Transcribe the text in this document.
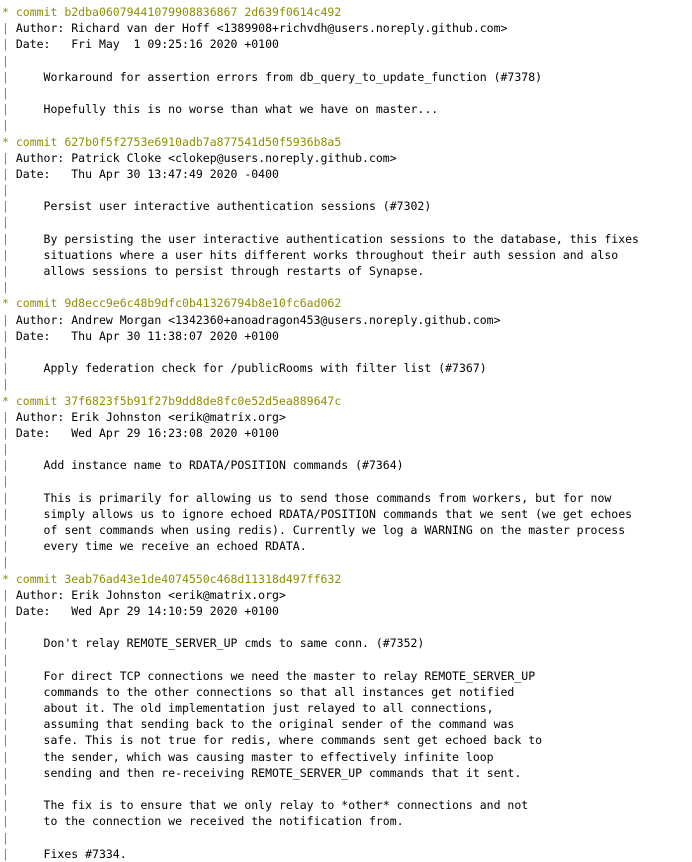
* commit b2dba06079441079908836867 2d639f0614c492
| Author: Richard van der Hoff <1389908+richvdh@users.noreply.github.com>
| Date:   Fri May  1 09:25:16 2020 +0100
|
|     Workaround for assertion errors from db_query_to_update_function (#7378)
|
|     Hopefully this is no worse than what we have on master...
|
* commit 627b0f5f2753e6910adb7a877541d50f5936b8a5
| Author: Patrick Cloke <clokep@users.noreply.github.com>
| Date:   Thu Apr 30 13:47:49 2020 -0400
|
|     Persist user interactive authentication sessions (#7302)
|
|     By persisting the user interactive authentication sessions to the database, this fixes
|     situations where a user hits different works throughout their auth session and also
|     allows sessions to persist through restarts of Synapse.
|
* commit 9d8ecc9e6c48b9dfc0b41326794b8e10fc6ad062
| Author: Andrew Morgan <1342360+anoadragon453@users.noreply.github.com>
| Date:   Thu Apr 30 11:38:07 2020 +0100
|
|     Apply federation check for /publicRooms with filter list (#7367)
|
* commit 37f6823f5b91f27b9dd8de8fc0e52d5ea889647c
| Author: Erik Johnston <erik@matrix.org>
| Date:   Wed Apr 29 16:23:08 2020 +0100
|
|     Add instance name to RDATA/POSITION commands (#7364)
|
|     This is primarily for allowing us to send those commands from workers, but for now
|     simply allows us to ignore echoed RDATA/POSITION commands that we sent (we get echoes
|     of sent commands when using redis). Currently we log a WARNING on the master process
|     every time we receive an echoed RDATA.
|
* commit 3eab76ad43e1de4074550c468d11318d497ff632
| Author: Erik Johnston <erik@matrix.org>
| Date:   Wed Apr 29 14:10:59 2020 +0100
|
|     Don't relay REMOTE_SERVER_UP cmds to same conn. (#7352)
|
|     For direct TCP connections we need the master to relay REMOTE_SERVER_UP
|     commands to the other connections so that all instances get notified
|     about it. The old implementation just relayed to all connections,
|     assuming that sending back to the original sender of the command was
|     safe. This is not true for redis, where commands sent get echoed back to
|     the sender, which was causing master to effectively infinite loop
|     sending and then re-receiving REMOTE_SERVER_UP commands that it sent.
|
|     The fix is to ensure that we only relay to *other* connections and not
|     to the connection we received the notification from.
|
|     Fixes #7334.
